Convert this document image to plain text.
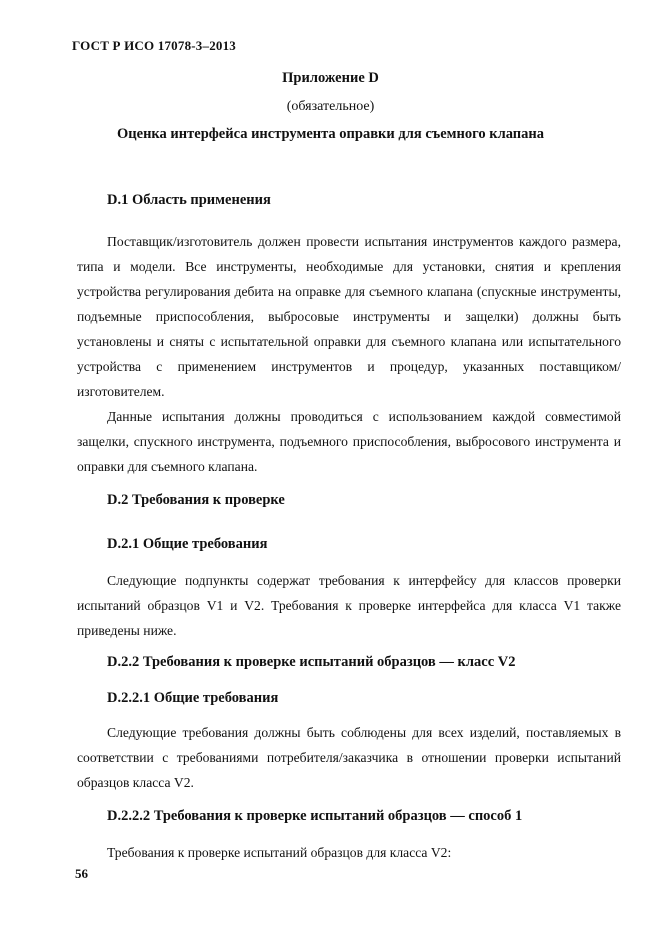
ГОСТ Р ИСО 17078-3–2013
Приложение D
(обязательное)
Оценка интерфейса инструмента оправки для съемного клапана
D.1 Область применения

Поставщик/изготовитель должен провести испытания инструментов каждого размера, типа и модели. Все инструменты, необходимые для установки, снятия и крепления устройства регулирования дебита на оправке для съемного клапана (спускные инструменты, подъемные приспособления, выбросовые инструменты и защелки) должны быть установлены и сняты с испытательной оправки для съемного клапана или испытательного устройства с применением инструментов и процедур, указанных поставщиком/изготовителем.

Данные испытания должны проводиться с использованием каждой совместимой защелки, спускного инструмента, подъемного приспособления, выбросового инструмента и оправки для съемного клапана.

D.2 Требования к проверке
D.2.1 Общие требования

Следующие подпункты содержат требования к интерфейсу для классов проверки испытаний образцов V1 и V2. Требования к проверке интерфейса для класса V1 также приведены ниже.

D.2.2 Требования к проверке испытаний образцов — класс V2
D.2.2.1 Общие требования

Следующие требования должны быть соблюдены для всех изделий, поставляемых в соответствии с требованиями потребителя/заказчика в отношении проверки испытаний образцов класса V2.

D.2.2.2 Требования к проверке испытаний образцов — способ 1

Требования к проверке испытаний образцов для класса V2:

56
